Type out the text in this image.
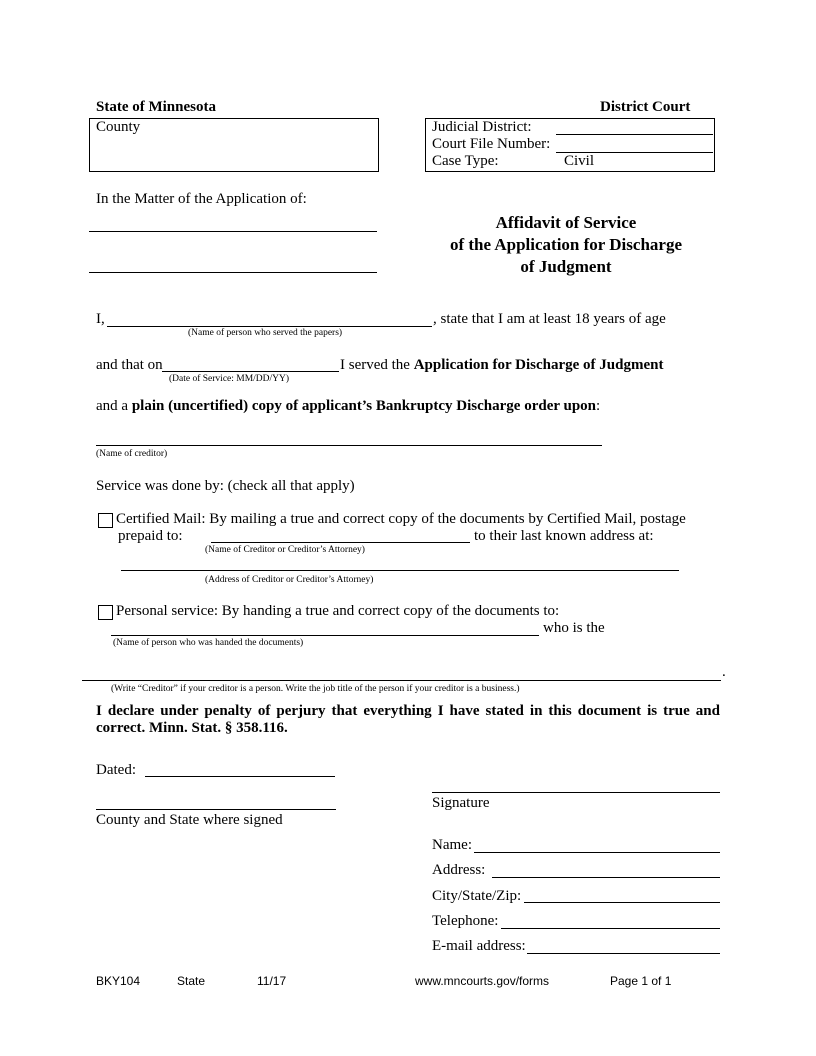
State of Minnesota	District Court
County	Judicial District:
Court File Number:
Case Type:	Civil
In the Matter of the Application of:
Affidavit of Service
of the Application for Discharge
of Judgment
I,	, state that I am at least 18 years of age
(Name of person who served the papers)
and that on	I served the Application for Discharge of Judgment
(Date of Service: MM/DD/YY)
and a plain (uncertified) copy of applicant’s Bankruptcy Discharge order upon:
(Name of creditor)
Service was done by: (check all that apply)
Certified Mail: By mailing a true and correct copy of the documents by Certified Mail, postage
prepaid to:	to their last known address at:
(Name of Creditor or Creditor’s Attorney)
(Address of Creditor or Creditor’s Attorney)
Personal service: By handing a true and correct copy of the documents to:
who is the
(Name of person who was handed the documents)
.
(Write “Creditor” if your creditor is a person. Write the job title of the person if your creditor is a business.)
I declare under penalty of perjury that everything I have stated in this document is true and
correct. Minn. Stat. § 358.116.
Dated:
County and State where signed
Signature
Name:
Address:
City/State/Zip:
Telephone:
E-mail address:
BKY104	State	11/17	www.mncourts.gov/forms	Page 1 of 1
